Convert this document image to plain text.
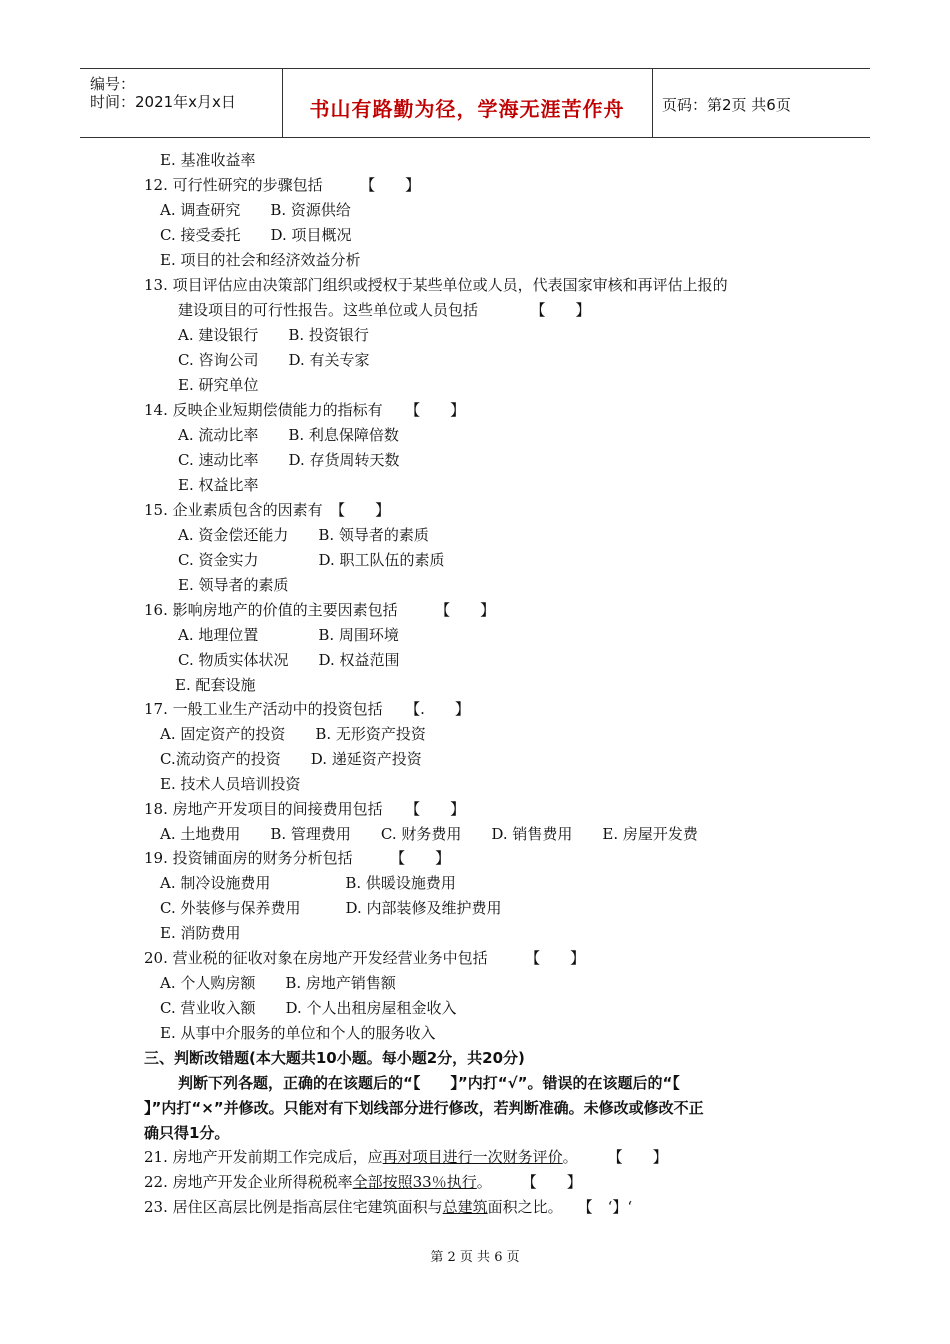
编号：
时间：2021年x月x日	书山有路勤为径，学海无涯苦作舟	页码：第2页 共6页
E. 基准收益率
12. 可行性研究的步骤包括　　　【　　】
A. 调查研究　　B. 资源供给
C. 接受委托　　D. 项目概况
E. 项目的社会和经济效益分析
13. 项目评估应由决策部门组织或授权于某些单位或人员，代表国家审核和再评估上报的
建设项目的可行性报告。这些单位或人员包括　　　　【　　】
A. 建设银行　　B. 投资银行
C. 咨询公司　　D. 有关专家
E. 研究单位
14. 反映企业短期偿债能力的指标有　　【　　】
A. 流动比率　　B. 利息保障倍数
C. 速动比率　　D. 存货周转天数
E. 权益比率
15. 企业素质包含的因素有　【　　】
A. 资金偿还能力　　B. 领导者的素质
C. 资金实力　　　　D. 职工队伍的素质
E. 领导者的素质
16. 影响房地产的价值的主要因素包括　　　【　　】
A. 地理位置　　　　B. 周围环境
C. 物质实体状况　　D. 权益范围
E. 配套设施
17. 一般工业生产活动中的投资包括　　【.　　】
A. 固定资产的投资　　B. 无形资产投资
C.流动资产的投资　　D. 递延资产投资
E. 技术人员培训投资
18. 房地产开发项目的间接费用包括　　【　　】
A. 土地费用　　B. 管理费用　　C. 财务费用　　D. 销售费用　　E. 房屋开发费
19. 投资铺面房的财务分析包括　　　【　　】
A. 制冷设施费用　　　　　B. 供暖设施费用
C. 外装修与保养费用　　　D. 内部装修及维护费用
E. 消防费用
20. 营业税的征收对象在房地产开发经营业务中包括　　　【　　】
A. 个人购房额　　B. 房地产销售额
C. 营业收入额　　D. 个人出租房屋租金收入
E. 从事中介服务的单位和个人的服务收入
三、判断改错题(本大题共10小题。每小题2分，共20分)
判断下列各题，正确的在该题后的“【　　】”内打“√”。错误的在该题后的“【
】”内打“×”并修改。只能对有下划线部分进行修改，若判断准确。未修改或修改不正
确只得1分。
21. 房地产开发前期工作完成后，应再对项目进行一次财务评价。　　　【　　】
22. 房地产开发企业所得税税率全部按照33％执行。　　　【　　】
23. 居住区高层比例是指高层住宅建筑面积与总建筑面积之比。　　【　‘】‘
第 2 页 共 6 页
